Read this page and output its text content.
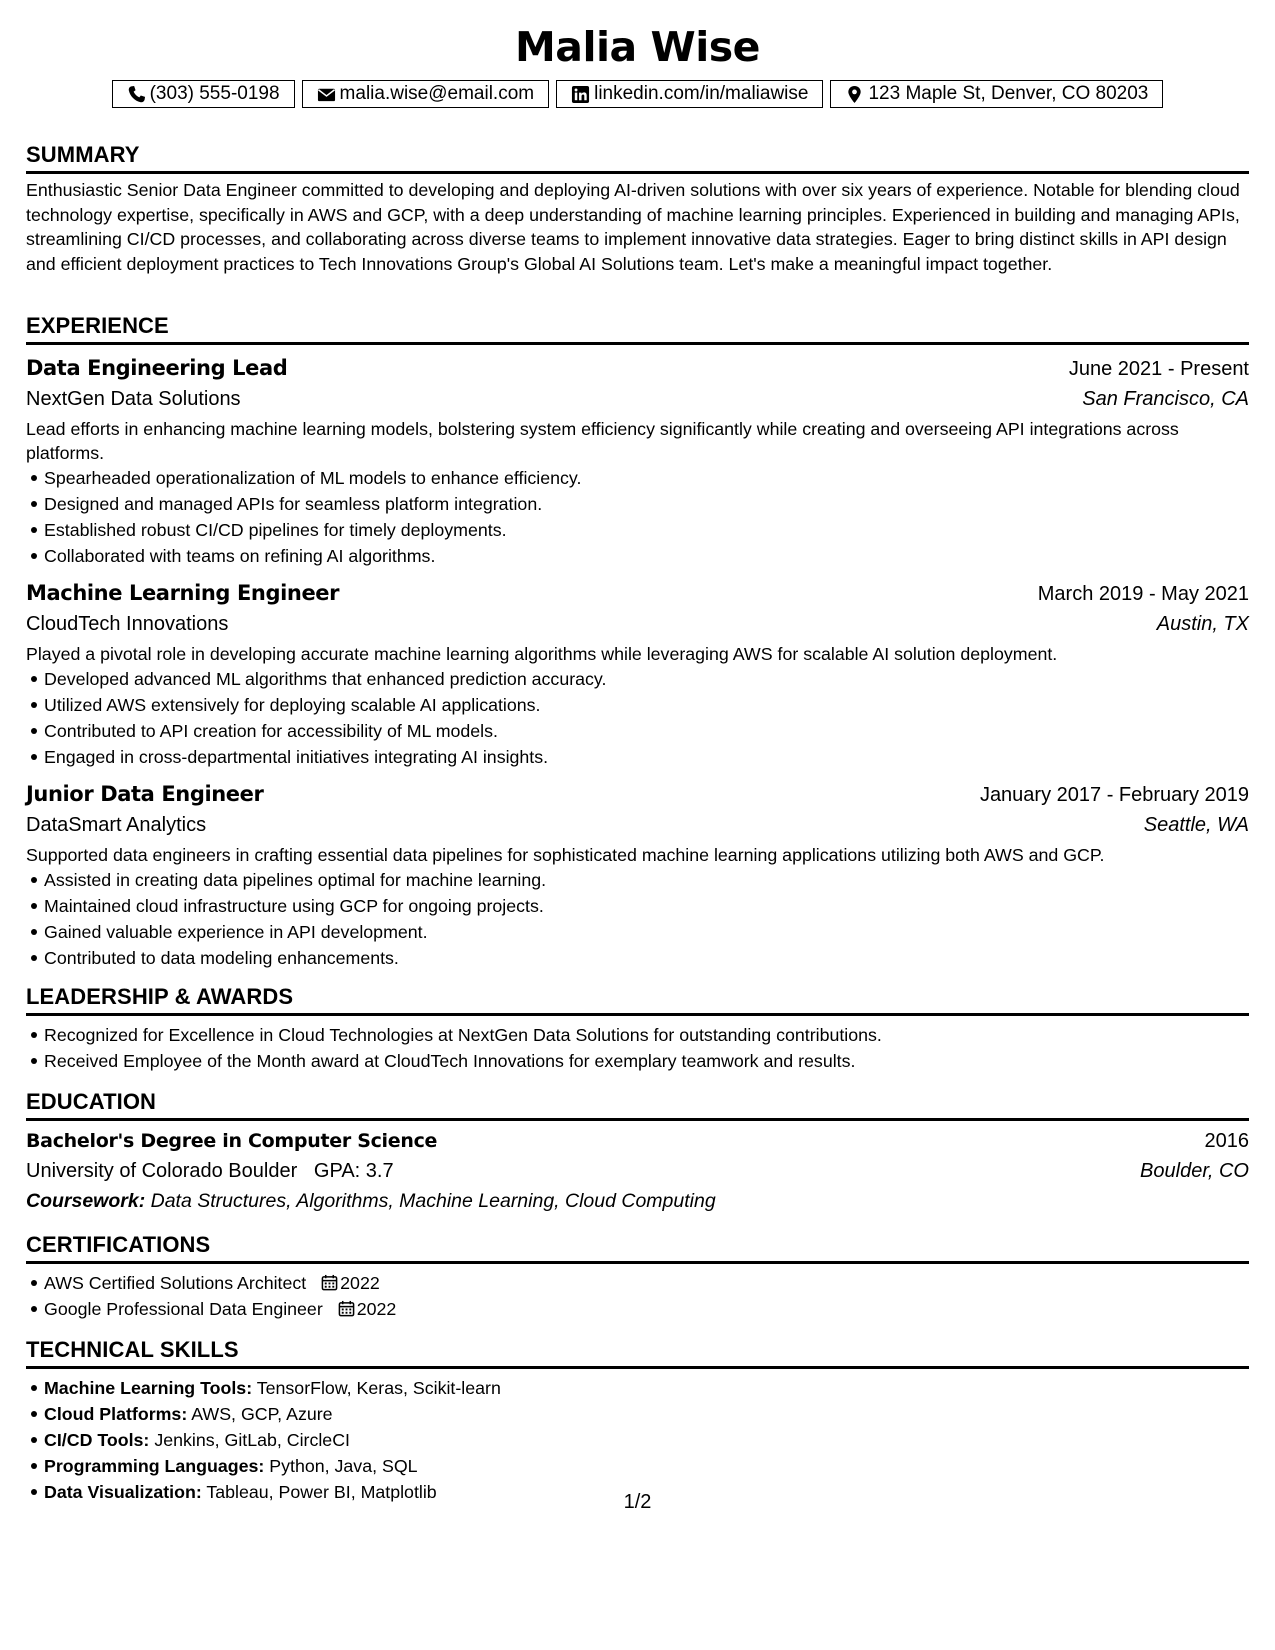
Malia Wise
(303) 555-0198	malia.wise@email.com	linkedin.com/in/maliawise	123 Maple St, Denver, CO 80203
SUMMARY
Enthusiastic Senior Data Engineer committed to developing and deploying AI-driven solutions with over six years of experience. Notable for blending cloud technology expertise, specifically in AWS and GCP, with a deep understanding of machine learning principles. Experienced in building and managing APIs, streamlining CI/CD processes, and collaborating across diverse teams to implement innovative data strategies. Eager to bring distinct skills in API design and efficient deployment practices to Tech Innovations Group's Global AI Solutions team. Let's make a meaningful impact together.
EXPERIENCE
Data Engineering Lead	June 2021 - Present
NextGen Data Solutions	San Francisco, CA
Lead efforts in enhancing machine learning models, bolstering system efficiency significantly while creating and overseeing API integrations across platforms.
Spearheaded operationalization of ML models to enhance efficiency.
Designed and managed APIs for seamless platform integration.
Established robust CI/CD pipelines for timely deployments.
Collaborated with teams on refining AI algorithms.
Machine Learning Engineer	March 2019 - May 2021
CloudTech Innovations	Austin, TX
Played a pivotal role in developing accurate machine learning algorithms while leveraging AWS for scalable AI solution deployment.
Developed advanced ML algorithms that enhanced prediction accuracy.
Utilized AWS extensively for deploying scalable AI applications.
Contributed to API creation for accessibility of ML models.
Engaged in cross-departmental initiatives integrating AI insights.
Junior Data Engineer	January 2017 - February 2019
DataSmart Analytics	Seattle, WA
Supported data engineers in crafting essential data pipelines for sophisticated machine learning applications utilizing both AWS and GCP.
Assisted in creating data pipelines optimal for machine learning.
Maintained cloud infrastructure using GCP for ongoing projects.
Gained valuable experience in API development.
Contributed to data modeling enhancements.
LEADERSHIP & AWARDS
Recognized for Excellence in Cloud Technologies at NextGen Data Solutions for outstanding contributions.
Received Employee of the Month award at CloudTech Innovations for exemplary teamwork and results.
EDUCATION
Bachelor's Degree in Computer Science	2016
University of Colorado Boulder GPA: 3.7	Boulder, CO
Coursework: Data Structures, Algorithms, Machine Learning, Cloud Computing
CERTIFICATIONS
AWS Certified Solutions Architect 2022
Google Professional Data Engineer 2022
TECHNICAL SKILLS
Machine Learning Tools: TensorFlow, Keras, Scikit-learn
Cloud Platforms: AWS, GCP, Azure
CI/CD Tools: Jenkins, GitLab, CircleCI
Programming Languages: Python, Java, SQL
Data Visualization: Tableau, Power BI, Matplotlib	1/2
